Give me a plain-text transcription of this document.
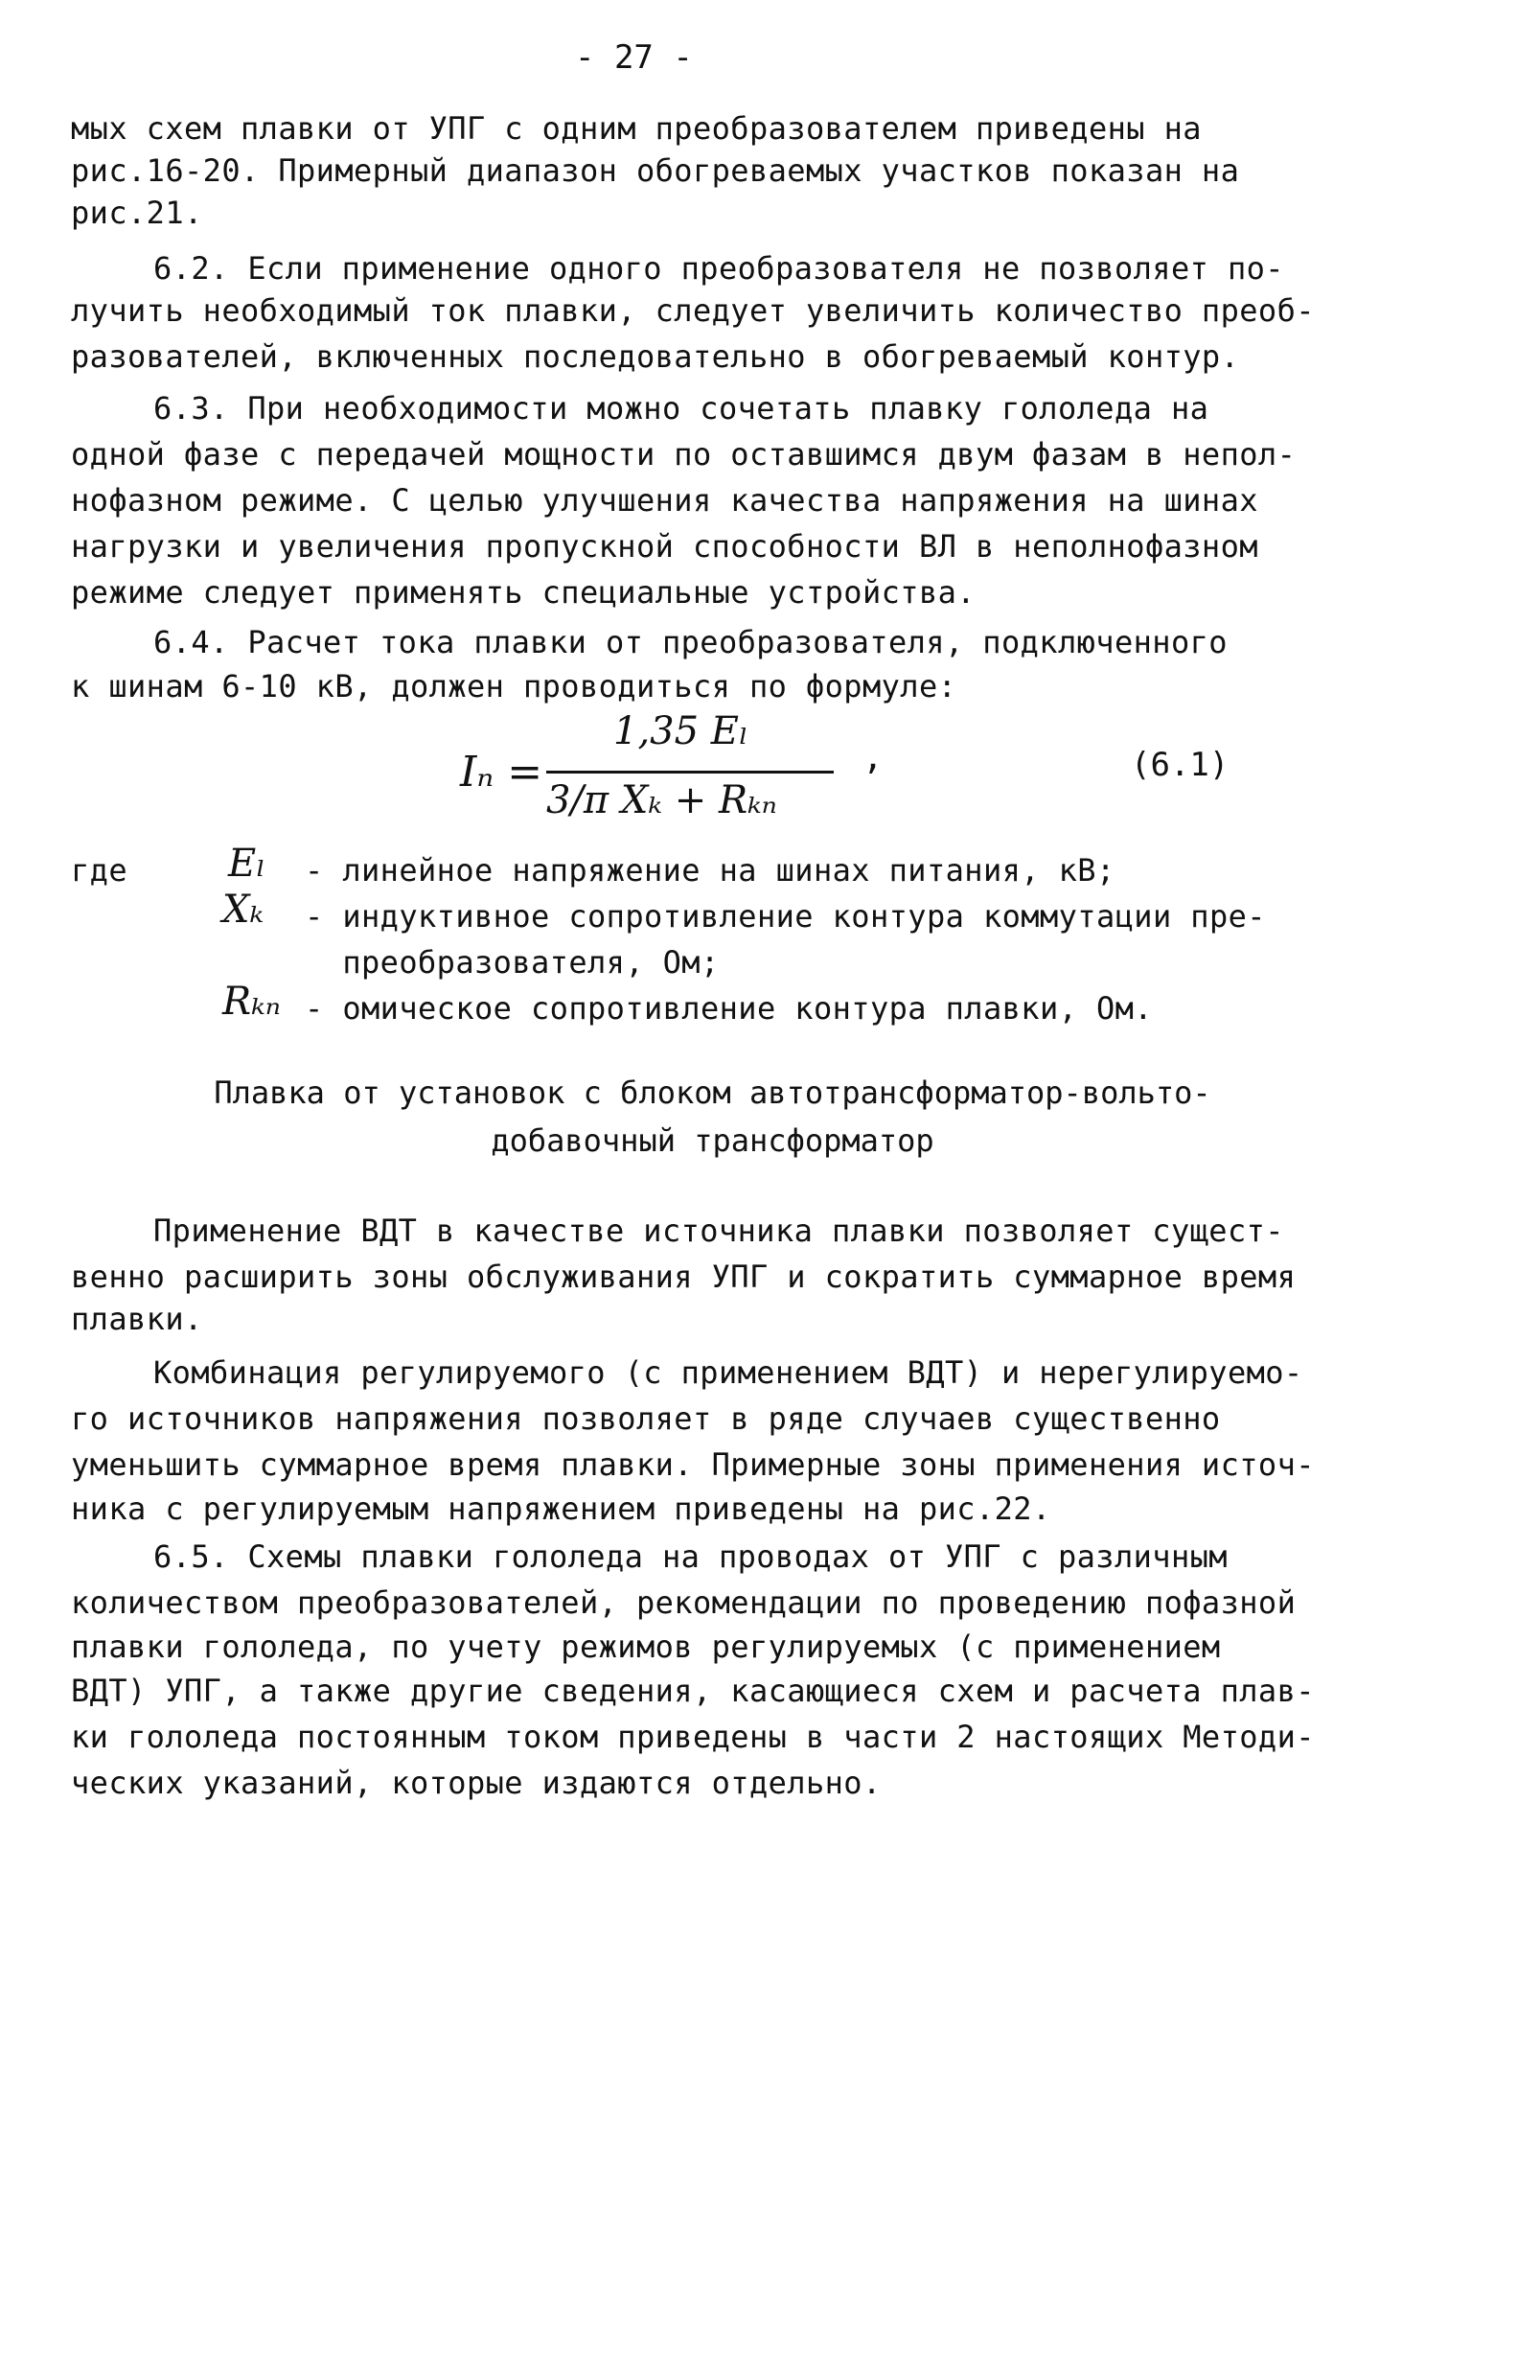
- 27 -
мых схем плавки от УПГ с одним преобразователем приведены на
рис.16-20. Примерный диапазон обогреваемых участков показан на
рис.21.
6.2. Если применение одного преобразователя не позволяет по-
лучить необходимый ток плавки, следует увеличить количество преоб-
разователей, включенных последовательно в обогреваемый контур.
6.3. При необходимости можно сочетать плавку гололеда на
одной фазе с передачей мощности по оставшимся двум фазам в непол-
нофазном режиме. С целью улучшения качества напряжения на шинах
нагрузки и увеличения пропускной способности ВЛ в неполнофазном
режиме следует применять специальные устройства.
6.4. Расчет тока плавки от преобразователя, подключенного
к шинам 6-10 кВ, должен проводиться по формуле:
Iₙ =
1,35 Eₗ
3/π Xₖ + Rₖₙ
,	(6.1)
где	Eₗ - линейное напряжение на шинах питания, кВ;
Xₖ - индуктивное сопротивление контура коммутации пре-
преобразователя, Ом;
Rₖₙ - омическое сопротивление контура плавки, Ом.
Плавка от установок с блоком автотрансформатор-вольто-
добавочный трансформатор
Применение ВДТ в качестве источника плавки позволяет сущест-
венно расширить зоны обслуживания УПГ и сократить суммарное время
плавки.
Комбинация регулируемого (с применением ВДТ) и нерегулируемо-
го источников напряжения позволяет в ряде случаев существенно
уменьшить суммарное время плавки. Примерные зоны применения источ-
ника с регулируемым напряжением приведены на рис.22.
6.5. Схемы плавки гололеда на проводах от УПГ с различным
количеством преобразователей, рекомендации по проведению пофазной
плавки гололеда, по учету режимов регулируемых (с применением
ВДТ) УПГ, а также другие сведения, касающиеся схем и расчета плав-
ки гололеда постоянным током приведены в части 2 настоящих Методи-
ческих указаний, которые издаются отдельно.
